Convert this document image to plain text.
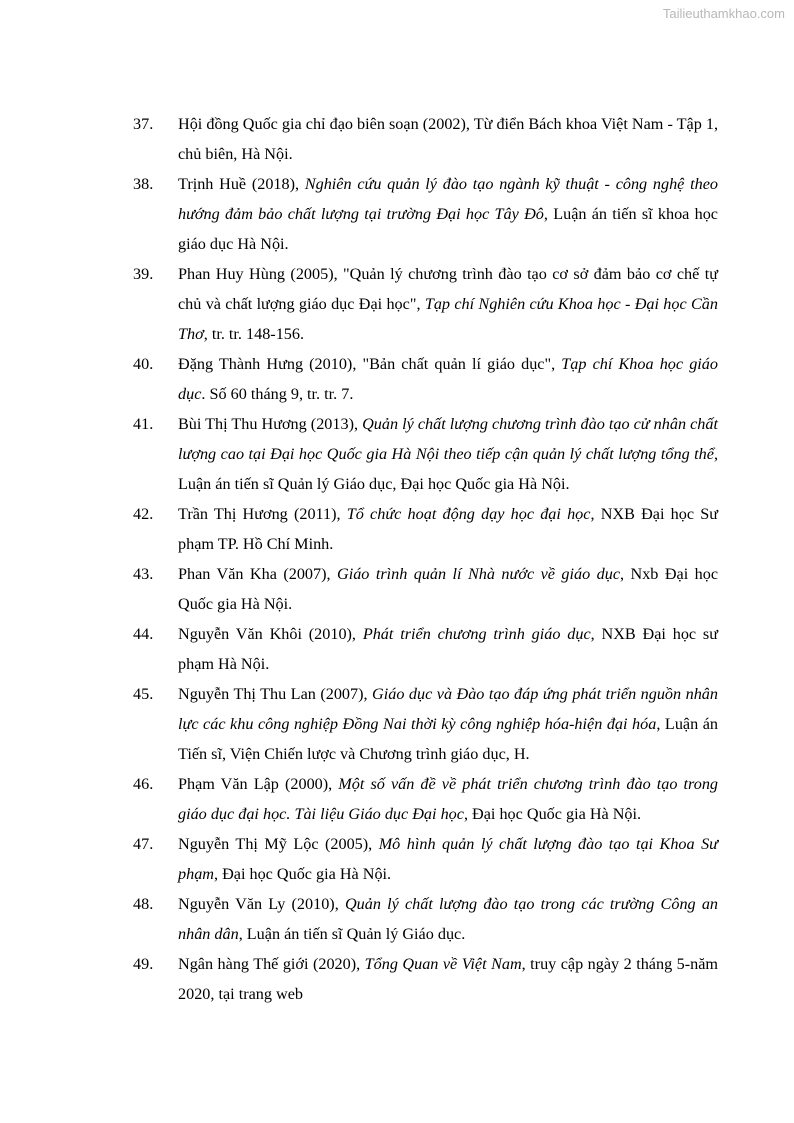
Tailieuthamkhao.com
37.	Hội đồng Quốc gia chỉ đạo biên soạn (2002), Từ điển Bách khoa Việt Nam - Tập 1, chủ biên, Hà Nội.
38.	Trịnh Huề (2018), Nghiên cứu quản lý đào tạo ngành kỹ thuật - công nghệ theo hướng đảm bảo chất lượng tại trường Đại học Tây Đô, Luận án tiến sĩ khoa học giáo dục Hà Nội.
39.	Phan Huy Hùng (2005), "Quản lý chương trình đào tạo cơ sở đảm bảo cơ chế tự chủ và chất lượng giáo dục Đại học", Tạp chí Nghiên cứu Khoa học - Đại học Cần Thơ, tr. tr. 148-156.
40.	Đặng Thành Hưng (2010), "Bản chất quản lí giáo dục", Tạp chí Khoa học giáo dục. Số 60 tháng 9, tr. tr. 7.
41.	Bùi Thị Thu Hương (2013), Quản lý chất lượng chương trình đào tạo cử nhân chất lượng cao tại Đại học Quốc gia Hà Nội theo tiếp cận quản lý chất lượng tổng thể, Luận án tiến sĩ Quản lý Giáo dục, Đại học Quốc gia Hà Nội.
42.	Trần Thị Hương (2011), Tổ chức hoạt động dạy học đại học, NXB Đại học Sư phạm TP. Hồ Chí Minh.
43.	Phan Văn Kha (2007), Giáo trình quản lí Nhà nước về giáo dục, Nxb Đại học Quốc gia Hà Nội.
44.	Nguyễn Văn Khôi (2010), Phát triển chương trình giáo dục, NXB Đại học sư phạm Hà Nội.
45.	Nguyễn Thị Thu Lan (2007), Giáo dục và Đào tạo đáp ứng phát triển nguồn nhân lực các khu công nghiệp Đồng Nai thời kỳ công nghiệp hóa-hiện đại hóa, Luận án Tiến sĩ, Viện Chiến lược và Chương trình giáo dục, H.
46.	Phạm Văn Lập (2000), Một số vấn đề về phát triển chương trình đào tạo trong giáo dục đại học. Tài liệu Giáo dục Đại học, Đại học Quốc gia Hà Nội.
47.	Nguyễn Thị Mỹ Lộc (2005), Mô hình quản lý chất lượng đào tạo tại Khoa Sư phạm, Đại học Quốc gia Hà Nội.
48.	Nguyễn Văn Ly (2010), Quản lý chất lượng đào tạo trong các trường Công an nhân dân, Luận án tiến sĩ Quản lý Giáo dục.
49.	Ngân hàng Thế giới (2020), Tổng Quan về Việt Nam, truy cập ngày 2 tháng 5-năm 2020, tại trang web
